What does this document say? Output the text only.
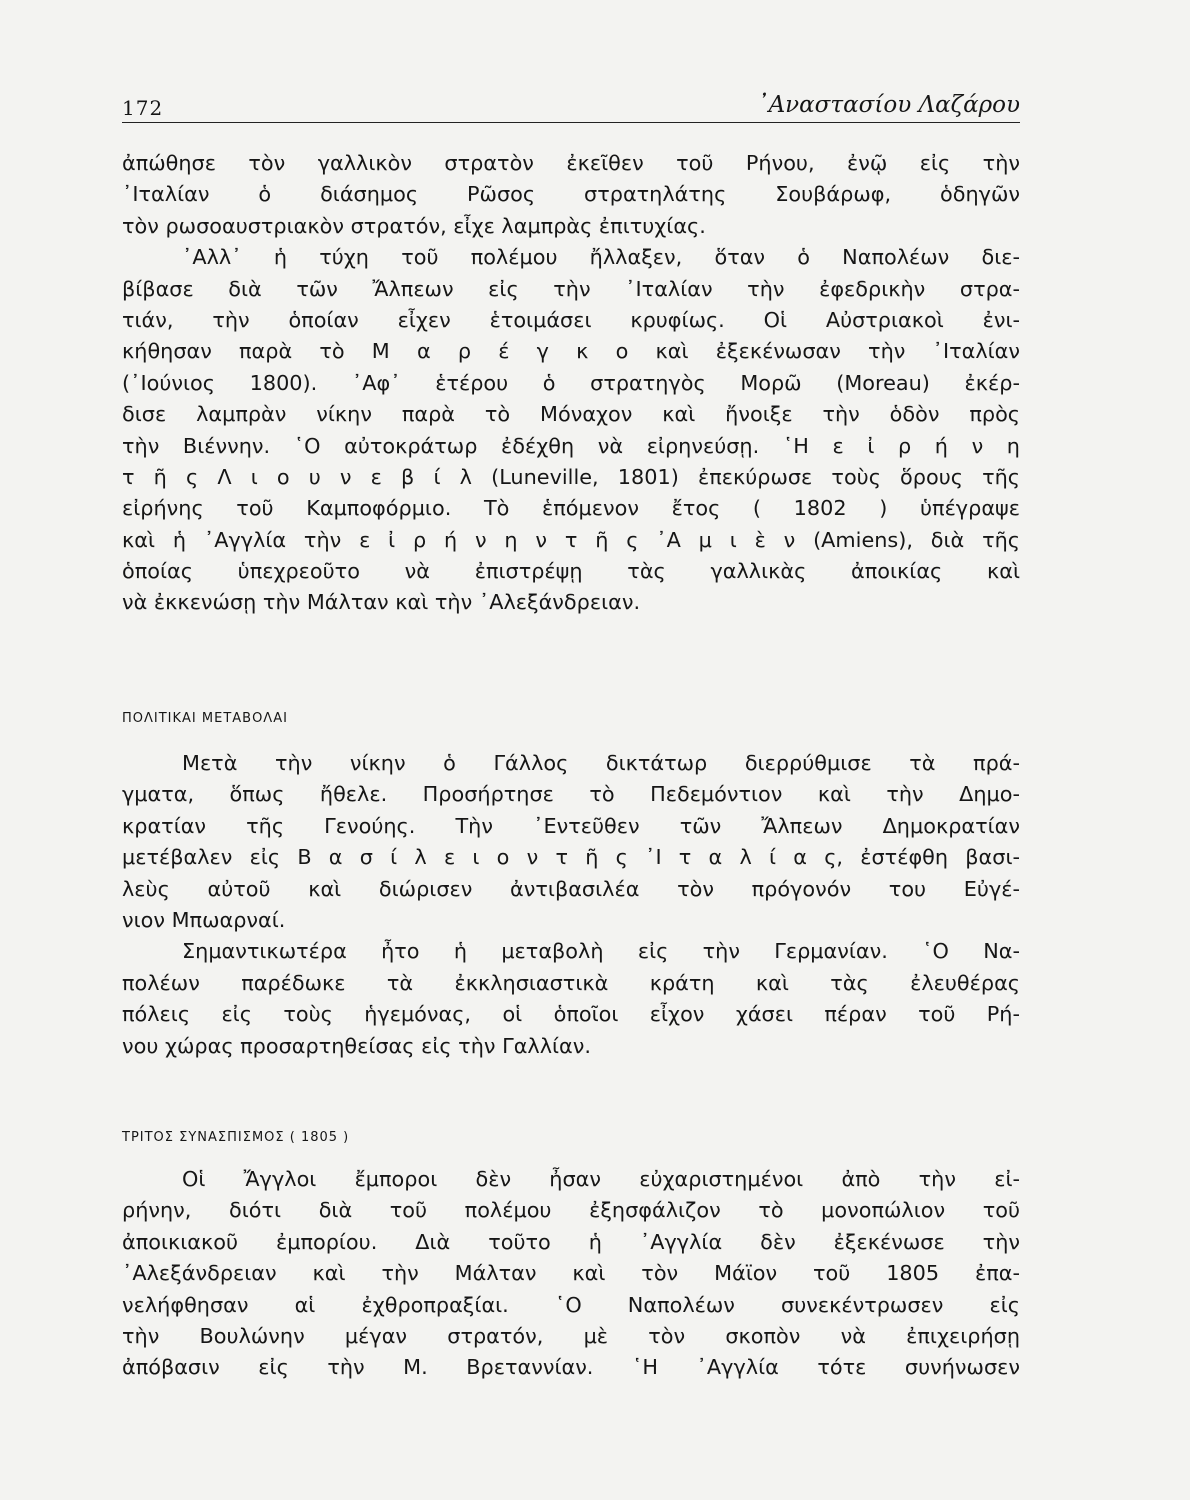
172	᾿Αναστασίου Λαζάρου
ἀπώθησε τὸν γαλλικὸν στρατὸν ἐκεῖθεν τοῦ Ρήνου, ἐνῷ εἰς τὴν
᾿Ιταλίαν ὁ διάσημος Ρῶσος στρατηλάτης Σουβάρωφ, ὁδηγῶν
τὸν ρωσοαυστριακὸν στρατόν, εἶχε λαμπρὰς ἐπιτυχίας.
᾿Αλλ᾿ ἡ τύχη τοῦ πολέμου ἤλλαξεν, ὅταν ὁ Ναπολέων διε-
βίβασε διὰ τῶν Ἄλπεων εἰς τὴν ᾿Ιταλίαν τὴν ἐφεδρικὴν στρα-
τιάν, τὴν ὁποίαν εἶχεν ἑτοιμάσει κρυφίως. Οἱ Αὐστριακοὶ ἐνι-
κήθησαν παρὰ τὸ Μ α ρ έ γ κ ο καὶ ἐξεκένωσαν τὴν ᾿Ιταλίαν
(᾿Ιούνιος 1800). ᾿Αφ᾿ ἑτέρου ὁ στρατηγὸς Μορῶ (Moreau) ἐκέρ-
δισε λαμπρὰν νίκην παρὰ τὸ Μόναχον καὶ ἤνοιξε τὴν ὁδὸν πρὸς
τὴν Βιέννην. ῾Ο αὐτοκράτωρ ἐδέχθη νὰ εἰρηνεύσῃ. ῾Η ε ἰ ρ ή ν η
τ ῆ ς Λ ι ο υ ν ε β ί λ (Luneville, 1801) ἐπεκύρωσε τοὺς ὅρους τῆς
εἰρήνης τοῦ Καμποφόρμιο. Τὸ ἑπόμενον ἔτος ( 1802 ) ὑπέγραψε
καὶ ἡ ᾿Αγγλία τὴν ε ἰ ρ ή ν η ν τ ῆ ς ᾿Α μ ι ὲ ν (Amiens), διὰ τῆς
ὁποίας ὑπεχρεοῦτο νὰ ἐπιστρέψῃ τὰς γαλλικὰς ἀποικίας καὶ
νὰ ἐκκενώσῃ τὴν Μάλταν καὶ τὴν ᾿Αλεξάνδρειαν.
ΠΟΛΙΤΙΚΑΙ ΜΕΤΑΒΟΛΑΙ
Μετὰ τὴν νίκην ὁ Γάλλος δικτάτωρ διερρύθμισε τὰ πρά-
γματα, ὅπως ἤθελε. Προσήρτησε τὸ Πεδεμόντιον καὶ τὴν Δημο-
κρατίαν τῆς Γενούης. Τὴν ᾿Εντεῦθεν τῶν Ἄλπεων Δημοκρατίαν
μετέβαλεν εἰς Β α σ ί λ ε ι ο ν τ ῆ ς ᾿Ι τ α λ ί α ς, ἐστέφθη βασι-
λεὺς αὐτοῦ καὶ διώρισεν ἀντιβασιλέα τὸν πρόγονόν του Εὐγέ-
νιον Μπωαρναί.
Σημαντικωτέρα ἦτο ἡ μεταβολὴ εἰς τὴν Γερμανίαν. ῾Ο Να-
πολέων παρέδωκε τὰ ἐκκλησιαστικὰ κράτη καὶ τὰς ἐλευθέρας
πόλεις εἰς τοὺς ἡγεμόνας, οἱ ὁποῖοι εἶχον χάσει πέραν τοῦ Ρή-
νου χώρας προσαρτηθείσας εἰς τὴν Γαλλίαν.
ΤΡΙΤΟΣ ΣΥΝΑΣΠΙΣΜΟΣ ( 1805 )
Οἱ Ἄγγλοι ἔμποροι δὲν ἦσαν εὐχαριστημένοι ἀπὸ τὴν εἰ-
ρήνην, διότι διὰ τοῦ πολέμου ἐξησφάλιζον τὸ μονοπώλιον τοῦ
ἀποικιακοῦ ἐμπορίου. Διὰ τοῦτο ἡ ᾿Αγγλία δὲν ἐξεκένωσε τὴν
᾿Αλεξάνδρειαν καὶ τὴν Μάλταν καὶ τὸν Μάϊον τοῦ 1805 ἐπα-
νελήφθησαν αἱ ἐχθροπραξίαι. ῾Ο Ναπολέων συνεκέντρωσεν εἰς
τὴν Βουλώνην μέγαν στρατόν, μὲ τὸν σκοπὸν νὰ ἐπιχειρήσῃ
ἀπόβασιν εἰς τὴν Μ. Βρεταννίαν. ῾Η ᾿Αγγλία τότε συνήνωσεν
